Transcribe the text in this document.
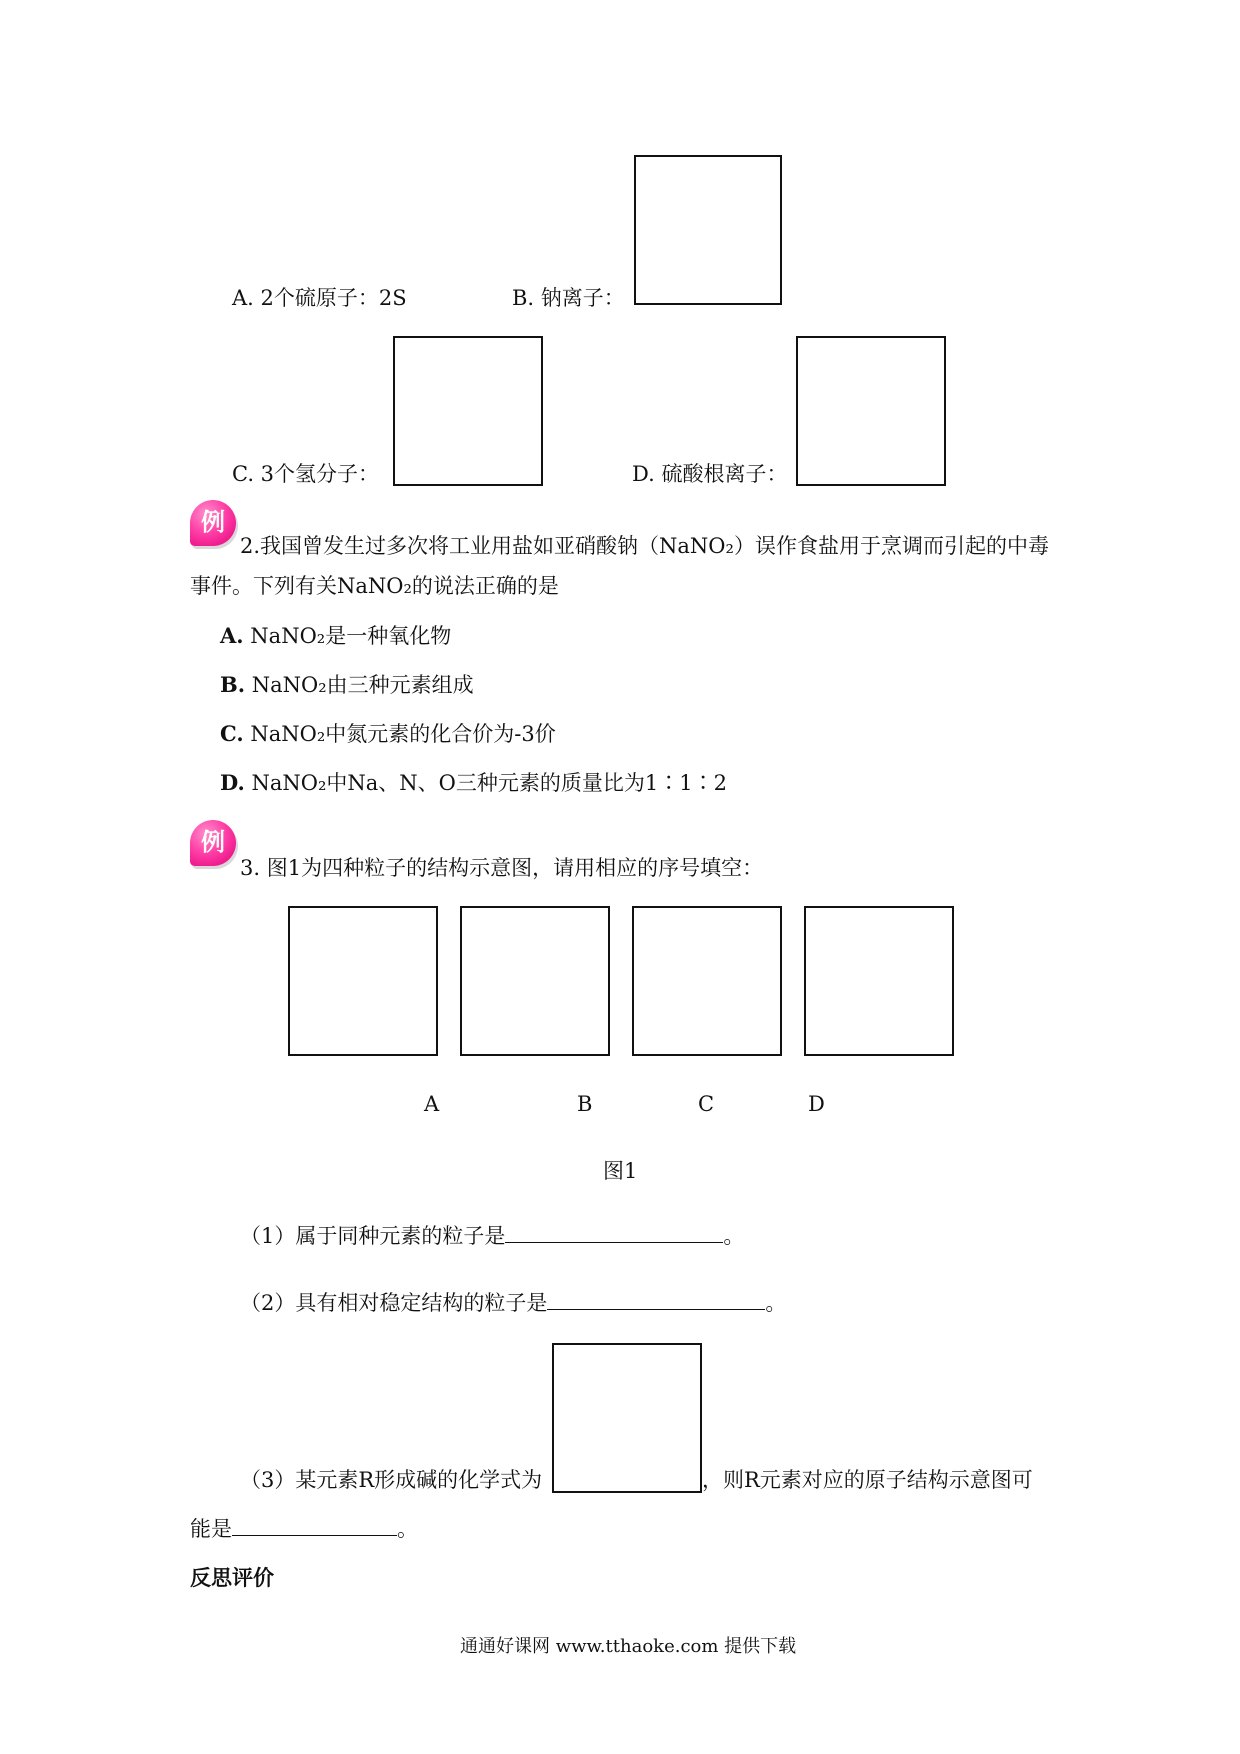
A. 2个硫原子：2S	B. 钠离子：
C. 3个氢分子：	D. 硫酸根离子：
例
2.我国曾发生过多次将工业用盐如亚硝酸钠（NaNO₂）误作食盐用于烹调而引起的中毒
事件。下列有关NaNO₂的说法正确的是
A. NaNO₂是一种氧化物
B. NaNO₂由三种元素组成
C. NaNO₂中氮元素的化合价为-3价
D. NaNO₂中Na、N、O三种元素的质量比为1∶1∶2
例
3. 图1为四种粒子的结构示意图，请用相应的序号填空：
A	B	C	D
图1
（1）属于同种元素的粒子是	。
（2）具有相对稳定结构的粒子是	。
（3）某元素R形成碱的化学式为	，则R元素对应的原子结构示意图可
能是	。
反思评价
通通好课网 www.tthaoke.com 提供下载
